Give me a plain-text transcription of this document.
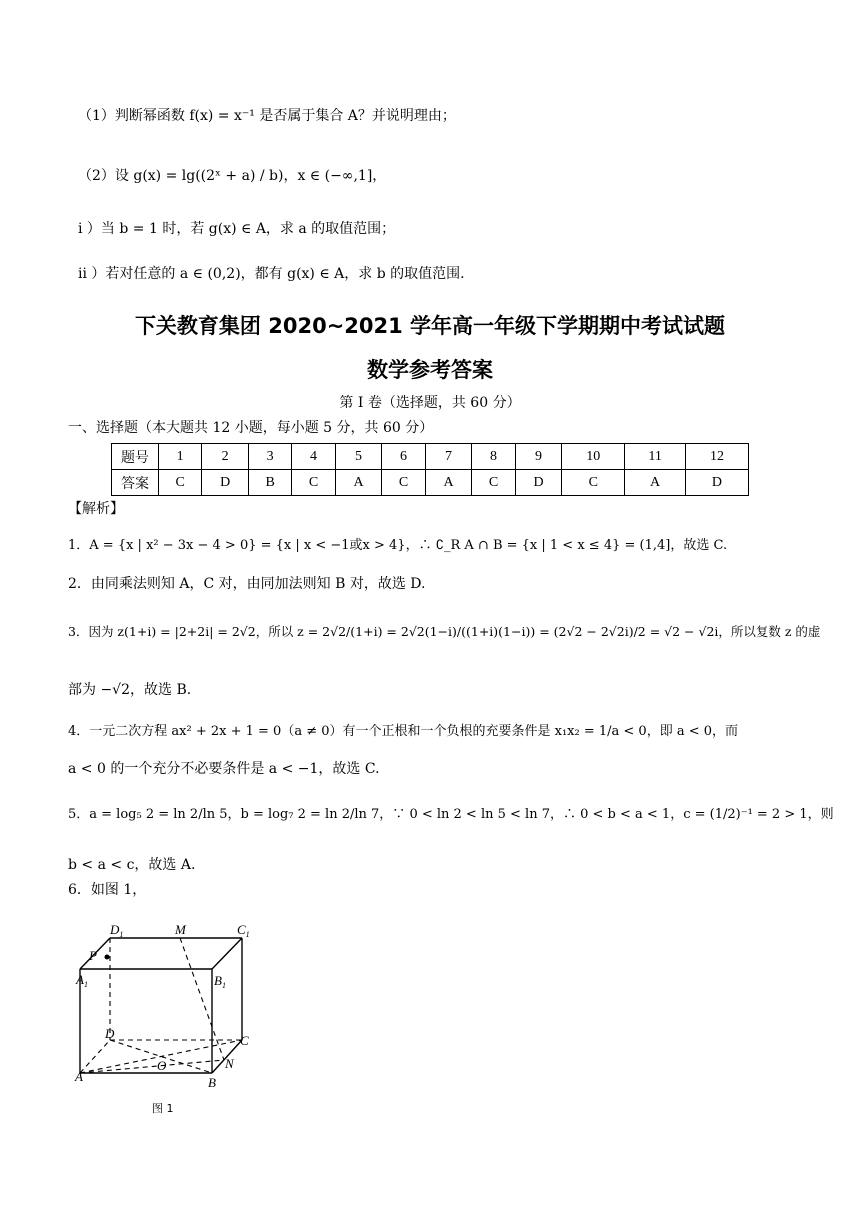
（1）判断幂函数 f(x) = x⁻¹ 是否属于集合 A？并说明理由；
（2）设 g(x) = lg((2ˣ + a) / b)，x ∈ (−∞,1]，
i ）当 b = 1 时，若 g(x) ∈ A，求 a 的取值范围；
ii ）若对任意的 a ∈ (0,2)，都有 g(x) ∈ A，求 b 的取值范围.
下关教育集团 2020~2021 学年高一年级下学期期中考试试题
数学参考答案
第 I 卷（选择题，共 60 分）
一、选择题（本大题共 12 小题，每小题 5 分，共 60 分）
题号	1	2	3	4	5	6	7	8	9	10	11	12
答案	C	D	B	C	A	C	A	C	D	C	A	D
【解析】
1．A = {x | x² − 3x − 4 > 0} = {x | x < −1或x > 4}，∴ ∁_R A ∩ B = {x | 1 < x ≤ 4} = (1,4]，故选 C.
2．由同乘法则知 A，C 对，由同加法则知 B 对，故选 D.
3．因为 z(1+i) = |2+2i| = 2√2，所以 z = 2√2/(1+i) = 2√2(1−i)/((1+i)(1−i)) = (2√2 − 2√2i)/2 = √2 − √2i，所以复数 z 的虚
部为 −√2，故选 B.
4．一元二次方程 ax² + 2x + 1 = 0（a ≠ 0）有一个正根和一个负根的充要条件是 x₁x₂ = 1/a < 0，即 a < 0，而
a < 0 的一个充分不必要条件是 a < −1，故选 C.
5．a = log₅ 2 = ln 2/ln 5，b = log₇ 2 = ln 2/ln 7，∵ 0 < ln 2 < ln 5 < ln 7，∴ 0 < b < a < 1，c = (1/2)⁻¹ = 2 > 1，则
b < a < c，故选 A.
6．如图 1，
$D_1$	M	$C_1$
P
$A_1$	$B_1$
D	C
O	N
A	B
图 1
